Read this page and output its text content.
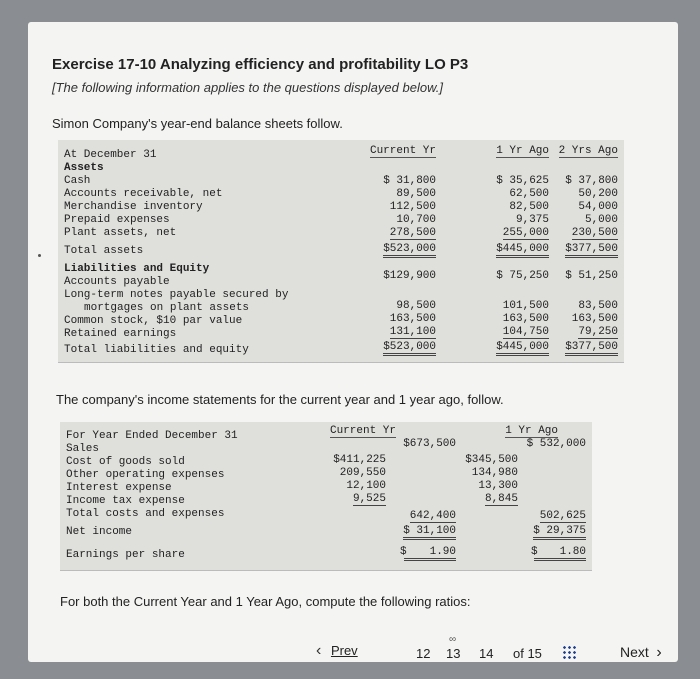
Exercise 17-10 Analyzing efficiency and profitability LO P3
[The following information applies to the questions displayed below.]
Simon Company's year-end balance sheets follow.
At December 31	Current Yr	1 Yr Ago 2 Yrs Ago
Assets
Cash	$ 31,800	$ 35,625 $ 37,800
Accounts receivable, net	89,500	62,500	50,200
Merchandise inventory	112,500	82,500	54,000
Prepaid expenses	10,700	9,375	5,000
Plant assets, net	278,500	255,000 230,500
Total assets	$523,000	$445,000 $377,500
Liabilities and Equity
Accounts payable	$129,900	$ 75,250 $ 51,250
Long-term notes payable secured by
mortgages on plant assets	98,500	101,500	83,500
Common stock, $10 par value	163,500	163,500 163,500
Retained earnings	131,100	104,750	79,250
Total liabilities and equity	$523,000	$445,000 $377,500
The company's income statements for the current year and 1 year ago, follow.
For Year Ended December 31	Current Yr	1 Yr Ago
Sales	$673,500	$ 532,000
Cost of goods sold	$411,225	$345,500
Other operating expenses	209,550	134,980
Interest expense	12,100	13,300
Income tax expense	9,525	8,845
Total costs and expenses	642,400	502,625
Net income	$ 31,100	$ 29,375
Earnings per share	$	1.90	$	1.80
For both the Current Year and 1 Year Ago, compute the following ratios:
‹ Prev	12 13
∞
14 of 15	Next ›
